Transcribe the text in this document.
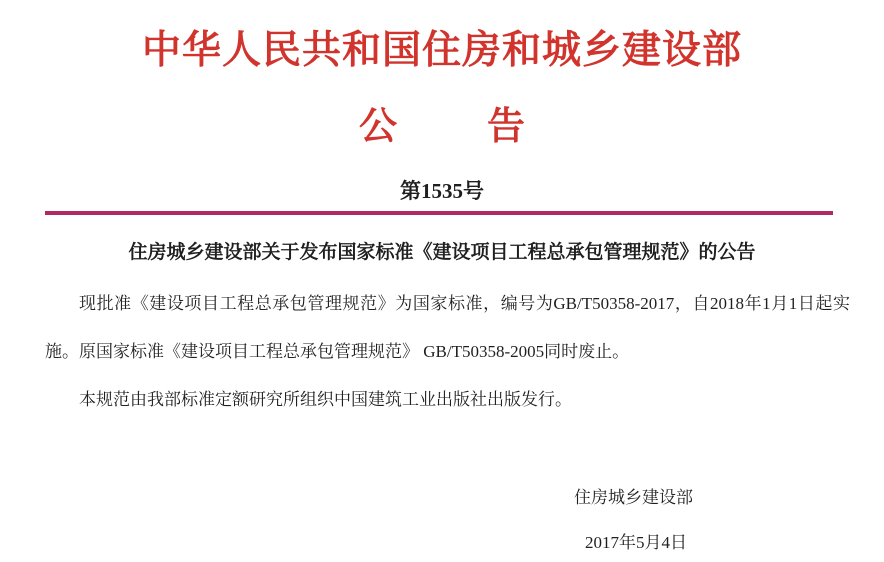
中华人民共和国住房和城乡建设部
公 告
第1535号
住房城乡建设部关于发布国家标准《建设项目工程总承包管理规范》的公告

现批准《建设项目工程总承包管理规范》为国家标准，编号为GB/T50358-2017，自2018年1月1日起实施。原国家标准《建设项目工程总承包管理规范》 GB/T50358-2005同时废止。

本规范由我部标准定额研究所组织中国建筑工业出版社出版发行。

住房城乡建设部
2017年5月4日
